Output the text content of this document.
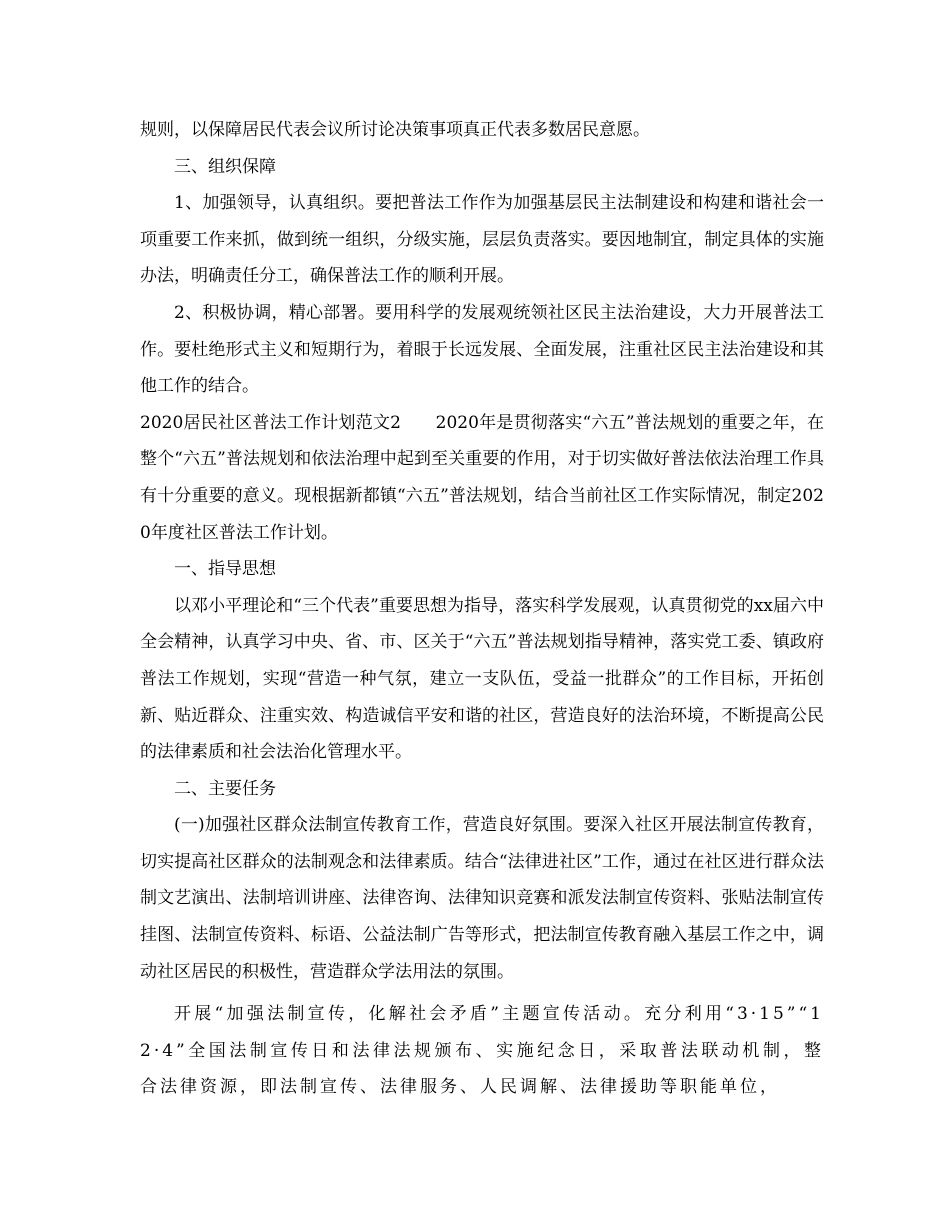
规则，以保障居民代表会议所讨论决策事项真正代表多数居民意愿。

三、组织保障

1、加强领导，认真组织。要把普法工作作为加强基层民主法制建设和构建和谐社会一项重要工作来抓，做到统一组织，分级实施，层层负责落实。要因地制宜，制定具体的实施办法，明确责任分工，确保普法工作的顺利开展。

2、积极协调，精心部署。要用科学的发展观统领社区民主法治建设，大力开展普法工作。要杜绝形式主义和短期行为，着眼于长远发展、全面发展，注重社区民主法治建设和其他工作的结合。

2020居民社区普法工作计划范文2　　2020年是贯彻落实“六五”普法规划的重要之年，在整个“六五”普法规划和依法治理中起到至关重要的作用，对于切实做好普法依法治理工作具有十分重要的意义。现根据新都镇“六五”普法规划，结合当前社区工作实际情况，制定2020年度社区普法工作计划。

一、指导思想

以邓小平理论和“三个代表”重要思想为指导，落实科学发展观，认真贯彻党的xx届六中全会精神，认真学习中央、省、市、区关于“六五”普法规划指导精神，落实党工委、镇政府普法工作规划，实现“营造一种气氛，建立一支队伍，受益一批群众”的工作目标，开拓创新、贴近群众、注重实效、构造诚信平安和谐的社区，营造良好的法治环境，不断提高公民的法律素质和社会法治化管理水平。

二、主要任务

(一)加强社区群众法制宣传教育工作，营造良好氛围。要深入社区开展法制宣传教育，切实提高社区群众的法制观念和法律素质。结合“法律进社区”工作，通过在社区进行群众法制文艺演出、法制培训讲座、法律咨询、法律知识竞赛和派发法制宣传资料、张贴法制宣传挂图、法制宣传资料、标语、公益法制广告等形式，把法制宣传教育融入基层工作之中，调动社区居民的积极性，营造群众学法用法的氛围。

开展“加强法制宣传，化解社会矛盾”主题宣传活动。充分利用“3·15”“12·4”全国法制宣传日和法律法规颁布、实施纪念日，采取普法联动机制，整合法律资源，即法制宣传、法律服务、人民调解、法律援助等职能单位，
